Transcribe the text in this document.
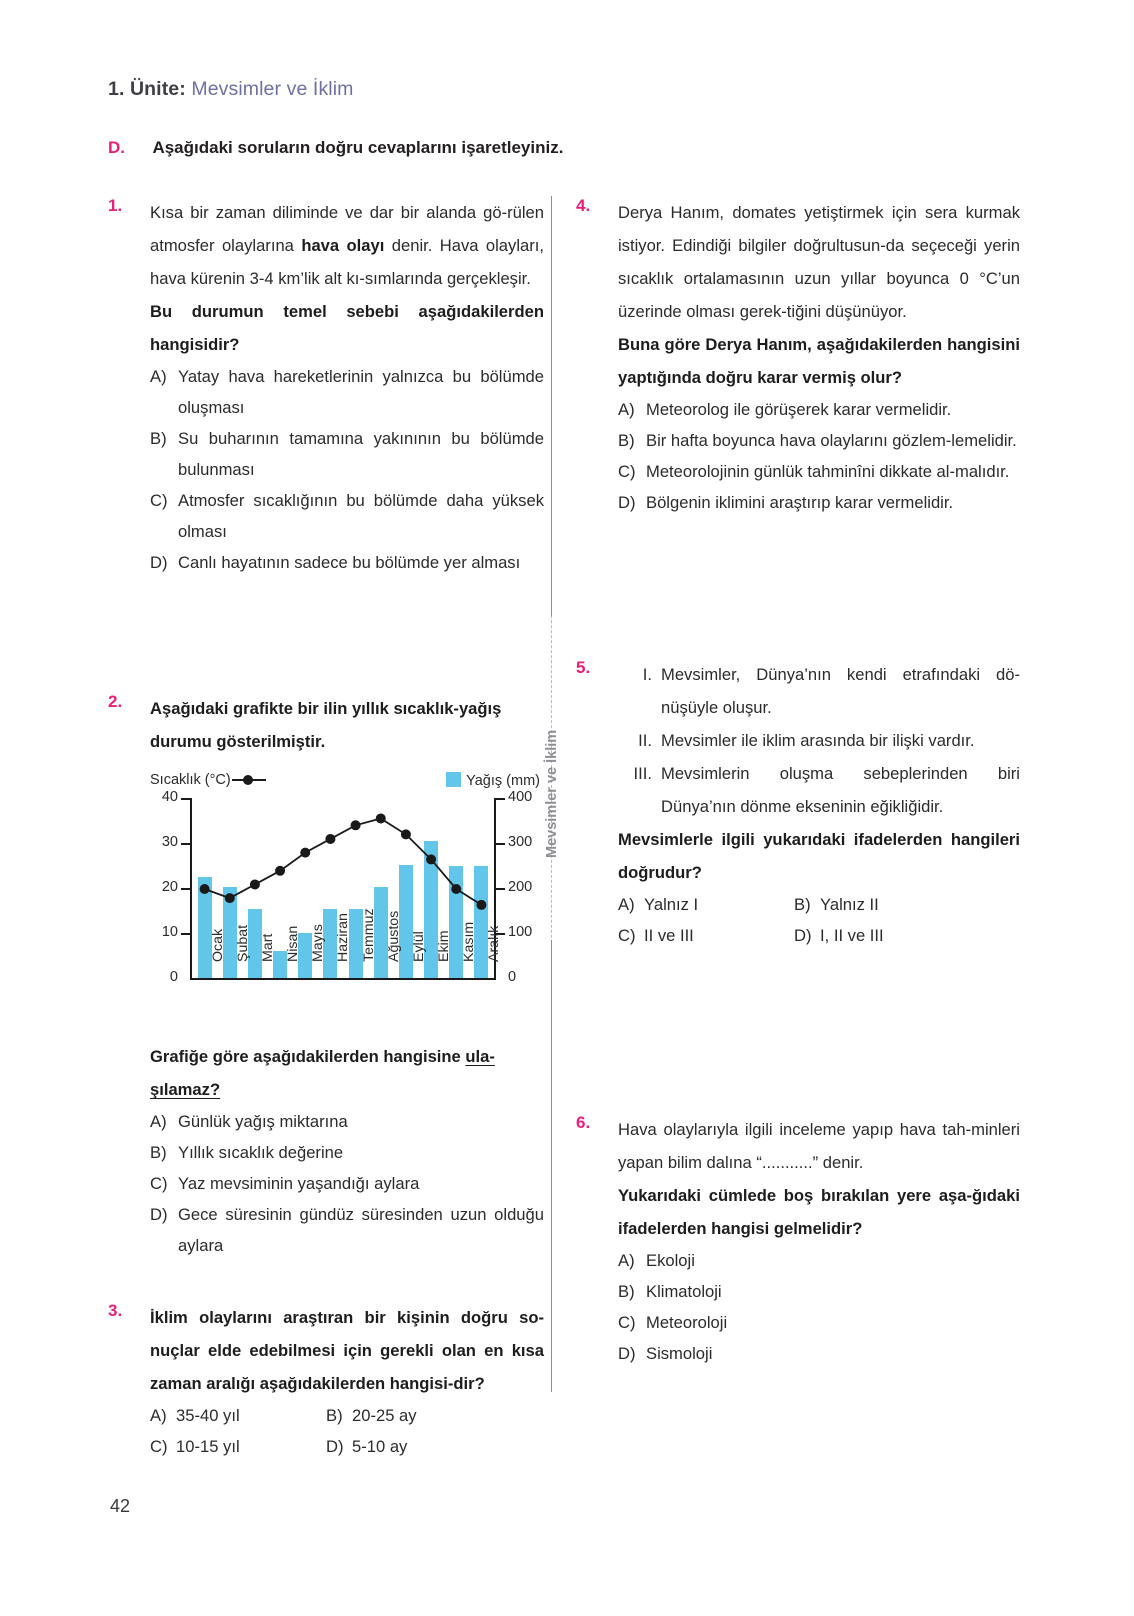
1. Ünite: Mevsimler ve İklim
D. Aşağıdaki soruların doğru cevaplarını işaretleyiniz.
Mevsimler ve İklim
1.	Kısa bir zaman diliminde ve dar bir alanda gö-rülen atmosfer olaylarına hava olayı denir. Hava olayları, hava kürenin 3-4 km’lik alt kı-sımlarında gerçekleşir.
Bu durumun temel sebebi aşağıdakilerden hangisidir?
A) Yatay hava hareketlerinin yalnızca bu bölümde oluşması
B) Su buharının tamamına yakınının bu bölümde bulunması
C) Atmosfer sıcaklığının bu bölümde daha yüksek olması
D) Canlı hayatının sadece bu bölümde yer alması
2.	Aşağıdaki grafikte bir ilin yıllık sıcaklık-yağış durumu gösterilmiştir.
Sıcaklık (°C)	Yağış (mm)
40
30
20
10
0
400
300
200
100
0
Ocak Şubat Mart Nisan Mayıs Haziran Temmuz Ağustos Eylül Ekim Kasım Aralık
Grafiğe göre aşağıdakilerden hangisine ula-şılamaz?
A) Günlük yağış miktarına
B) Yıllık sıcaklık değerine
C) Yaz mevsiminin yaşandığı aylara
D) Gece süresinin gündüz süresinden uzun olduğu aylara
3.	İklim olaylarını araştıran bir kişinin doğru so-nuçlar elde edebilmesi için gerekli olan en kısa zaman aralığı aşağıdakilerden hangisi-dir?
A) 35-40 yıl	B) 20-25 ay
C) 10-15 yıl	D) 5-10 ay
4.	Derya Hanım, domates yetiştirmek için sera kurmak istiyor. Edindiği bilgiler doğrultusun-da seçeceği yerin sıcaklık ortalamasının uzun yıllar boyunca 0 °C’un üzerinde olması gerek-tiğini düşünüyor.
Buna göre Derya Hanım, aşağıdakilerden hangisini yaptığında doğru karar vermiş olur?
A) Meteorolog ile görüşerek karar vermelidir.
B) Bir hafta boyunca hava olaylarını gözlem-lemelidir.
C) Meteorolojinin günlük tahminîni dikkate al-malıdır.
D) Bölgenin iklimini araştırıp karar vermelidir.
5.	I. Mevsimler, Dünya’nın kendi etrafındaki dö-nüşüyle oluşur.
II. Mevsimler ile iklim arasında bir ilişki vardır.
III. Mevsimlerin oluşma sebeplerinden biri Dünya’nın dönme ekseninin eğikliğidir.
Mevsimlerle ilgili yukarıdaki ifadelerden hangileri doğrudur?
A) Yalnız I	B) Yalnız II
C) II ve III	D) I, II ve III
6.	Hava olaylarıyla ilgili inceleme yapıp hava tah-minleri yapan bilim dalına “...........” denir.
Yukarıdaki cümlede boş bırakılan yere aşa-ğıdaki ifadelerden hangisi gelmelidir?
A) Ekoloji
B) Klimatoloji
C) Meteoroloji
D) Sismoloji
42
